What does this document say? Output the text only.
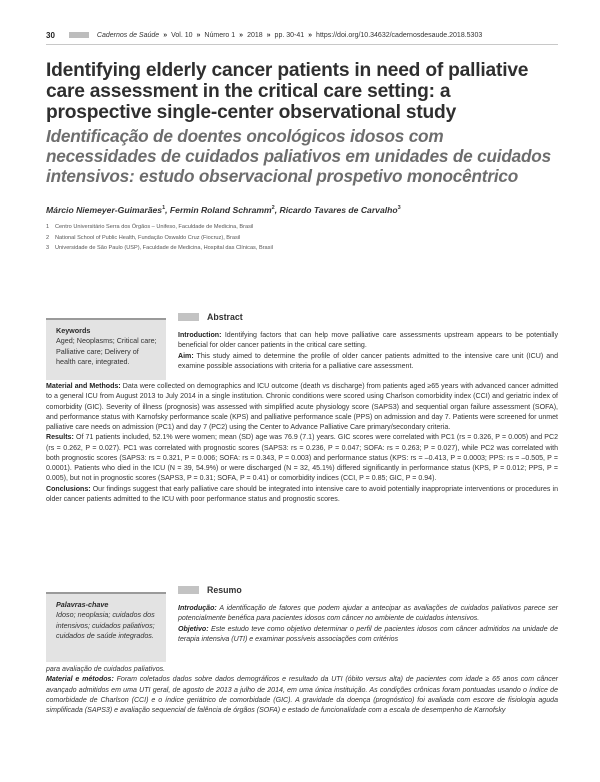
30	Cadernos de Saúde » Vol. 10 » Número 1 » 2018 » pp. 30-41 » https://doi.org/10.34632/cadernosdesaude.2018.5303
Identifying elderly cancer patients in need of palliative care assessment in the critical care setting: a prospective single-center observational study
Identificação de doentes oncológicos idosos com necessidades de cuidados paliativos em unidades de cuidados intensivos: estudo observacional prospetivo monocêntrico
Márcio Niemeyer-Guimarães$^1$, Fermin Roland Schramm$^2$, Ricardo Tavares de Carvalho$^3$
1 Centro Universitário Serra dos Órgãos – Unifeso, Faculdade de Medicina, Brasil
2 National School of Public Health, Fundação Oswaldo Cruz (Fiocruz), Brasil
3 Universidade de São Paulo (USP), Faculdade de Medicina, Hospital das Clínicas, Brasil
Keywords
Aged; Neoplasms; Critical care; Palliative care; Delivery of health care, integrated.
Abstract
Introduction: Identifying factors that can help move palliative care assessments upstream appears to be potentially beneficial for older cancer patients in the critical care setting.
Aim: This study aimed to determine the profile of older cancer patients admitted to the intensive care unit (ICU) and examine possible associations with criteria for a palliative care assessment.
Material and Methods: Data were collected on demographics and ICU outcome (death vs discharge) from patients aged ≥65 years with advanced cancer admitted to a general ICU from August 2013 to July 2014 in a single institution. Chronic conditions were scored using Charlson comorbidity index (CCI) and geriatric index of comorbidity (GIC). Severity of illness (prognosis) was assessed with simplified acute physiology score (SAPS3) and sequential organ failure assessment (SOFA), and performance status with Karnofsky performance scale (KPS) and palliative performance scale (PPS) on admission and day 7. Patients were screened for unmet palliative care needs on admission (PC1) and day 7 (PC2) using the Center to Advance Palliative Care primary/secondary criteria.
Results: Of 71 patients included, 52.1% were women; mean (SD) age was 76.9 (7.1) years. GIC scores were correlated with PC1 (rs = 0.326, P = 0.005) and PC2 (rs = 0.262, P = 0.027). PC1 was correlated with prognostic scores (SAPS3: rs = 0.236, P = 0.047; SOFA: rs = 0.263; P = 0.027), while PC2 was correlated with both prognostic scores (SAPS3: rs = 0.321, P = 0.006; SOFA: rs = 0.343, P = 0.003) and performance status (KPS: rs = –0.413, P = 0.0003; PPS: rs = –0.505, P = 0.0001). Patients who died in the ICU (N = 39, 54.9%) or were discharged (N = 32, 45.1%) differed significantly in performance status (KPS, P = 0.012; PPS, P = 0.005), but not in prognostic scores (SAPS3, P = 0.31; SOFA, P = 0.41) or comorbidity indices (CCI, P = 0.85; GIC, P = 0.94).
Conclusions: Our findings suggest that early palliative care should be integrated into intensive care to avoid potentially inappropriate interventions or procedures in older cancer patients admitted to the ICU with poor performance status and prognostic scores.
Palavras-chave
Idoso; neoplasia; cuidados dos intensivos; cuidados paliativos; cuidados de saúde integrados.
Resumo
Introdução: A identificação de fatores que podem ajudar a antecipar as avaliações de cuidados paliativos parece ser potencialmente benéfica para pacientes idosos com câncer no ambiente de cuidados intensivos.
Objetivo: Este estudo teve como objetivo determinar o perfil de pacientes idosos com câncer admitidos na unidade de terapia intensiva (UTI) e examinar possíveis associações com critérios
para avaliação de cuidados paliativos.
Material e métodos: Foram coletados dados sobre dados demográficos e resultado da UTI (óbito versus alta) de pacientes com idade ≥ 65 anos com câncer avançado admitidos em uma UTI geral, de agosto de 2013 a julho de 2014, em uma única instituição. As condições crônicas foram pontuadas usando o índice de comorbidade de Charlson (CCI) e o índice geriátrico de comorbidade (GIC). A gravidade da doença (prognóstico) foi avaliada com escore de fisiologia aguda simplificada (SAPS3) e avaliação sequencial de falência de órgãos (SOFA) e estado de funcionalidade com a escala de desempenho de Karnofsky
